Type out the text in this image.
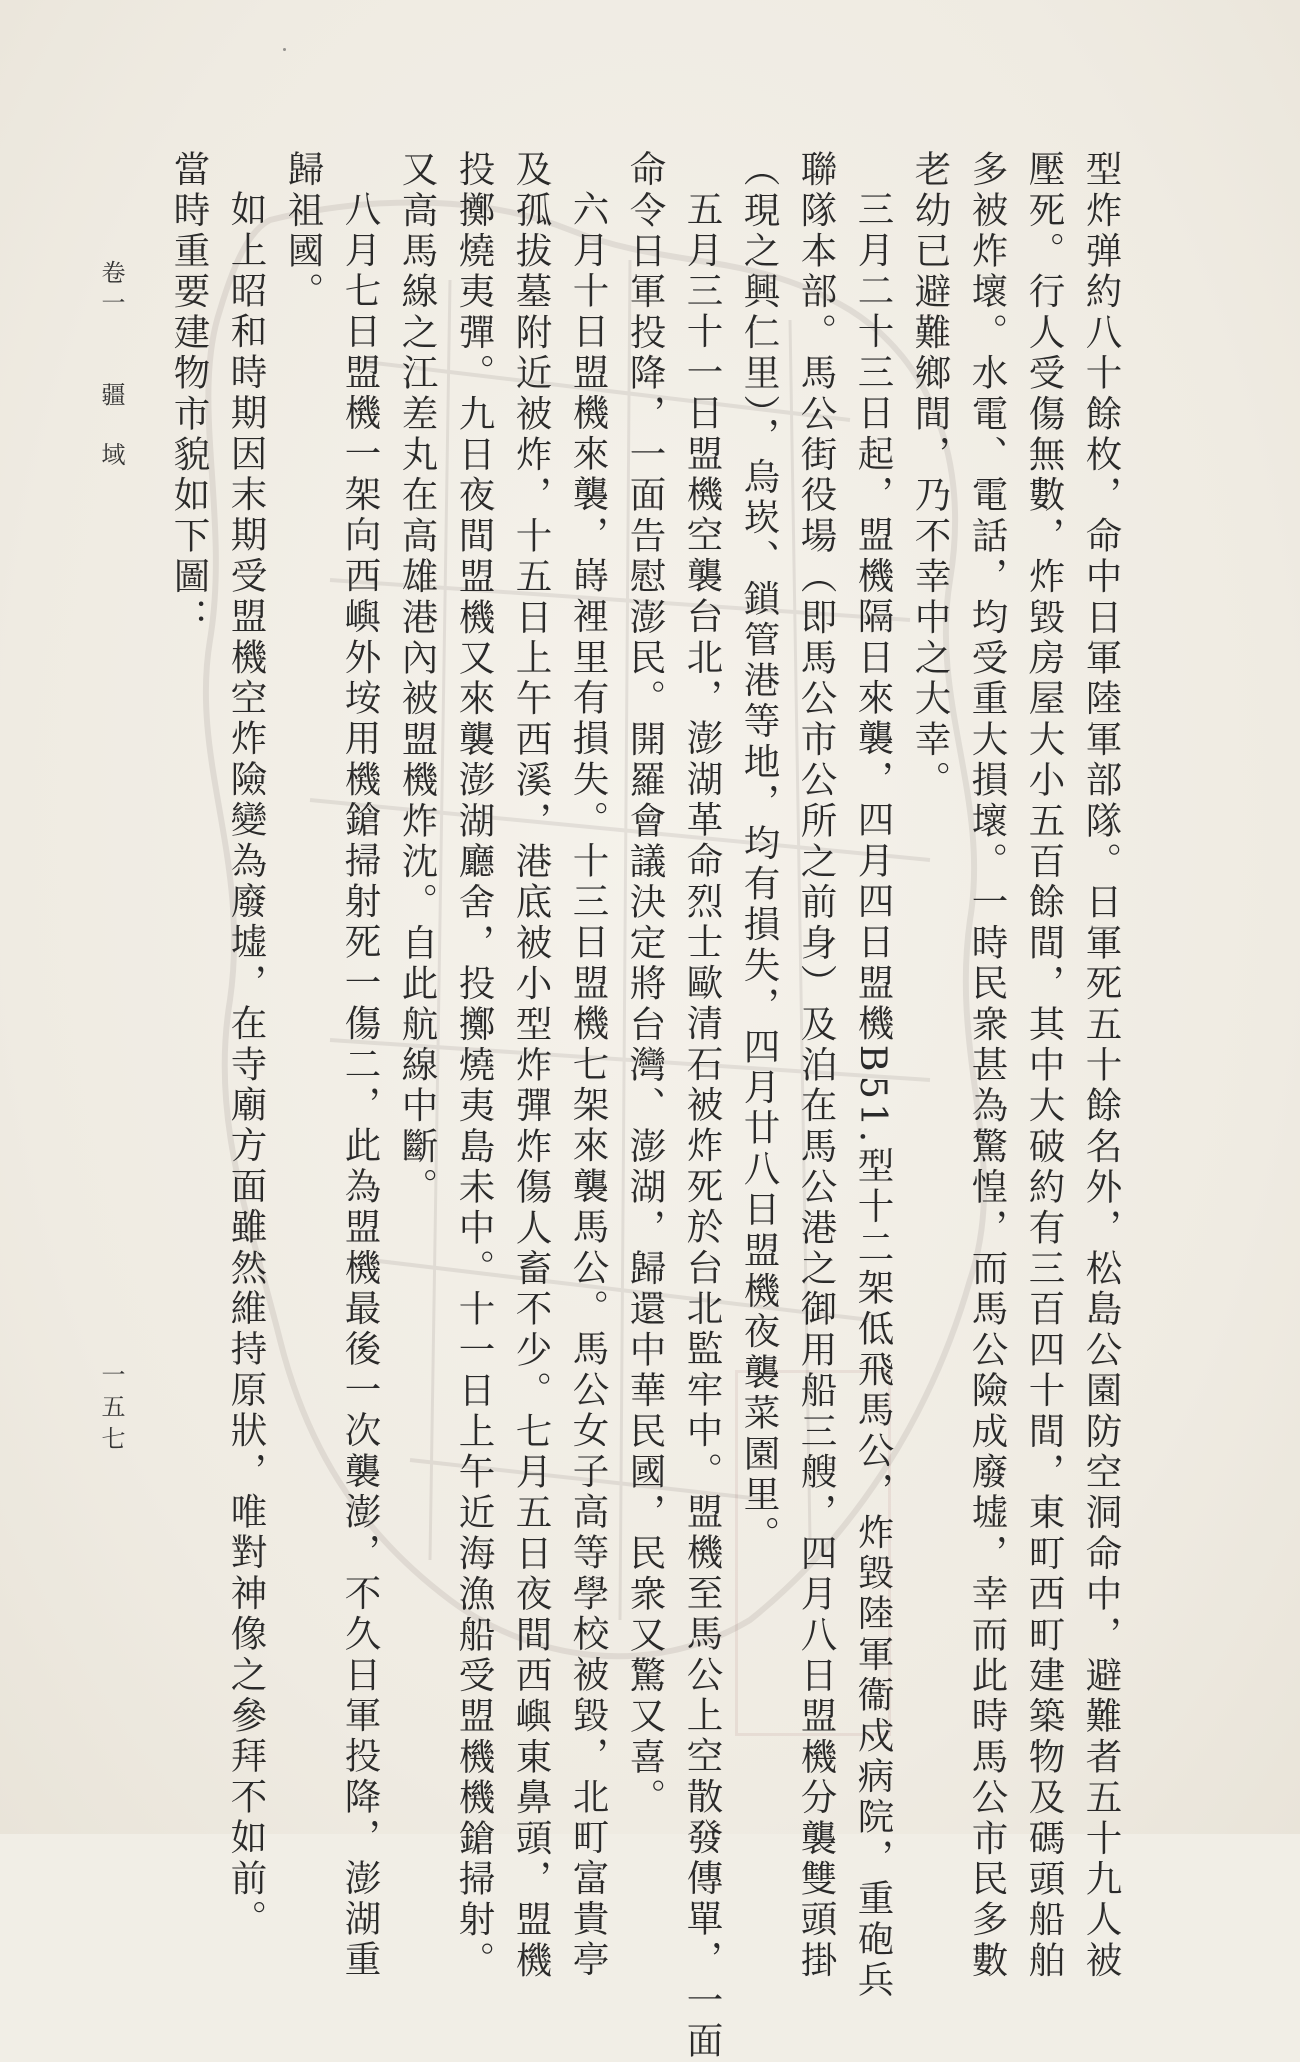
卷一疆　域
一五七	型炸弹約八十餘枚，命中日軍陸軍部隊。日軍死五十餘名外，松島公園防空洞命中，避難者五十九人被
壓死。行人受傷無數，炸毀房屋大小五百餘間，其中大破約有三百四十間，東町西町建築物及碼頭船舶
多被炸壞。水電、電話，均受重大損壞。一時民衆甚為驚惶，而馬公險成廢墟，幸而此時馬公市民多數
老幼已避難鄉間，乃不幸中之大幸。
三月二十三日起，盟機隔日來襲，四月四日盟機B51.型十二架低飛馬公，炸毀陸軍衞戍病院，重砲兵
聯隊本部。馬公街役場（即馬公市公所之前身）及泊在馬公港之御用船三艘，四月八日盟機分襲雙頭掛
（現之興仁里），烏崁、鎖管港等地，均有損失，四月廿八日盟機夜襲菜園里。
五月三十一日盟機空襲台北，澎湖革命烈士歐清石被炸死於台北監牢中。盟機至馬公上空散發傳單，一面
命令日軍投降，一面告慰澎民。開羅會議決定將台灣、澎湖，歸還中華民國，民衆又驚又喜。
六月十日盟機來襲，嵵裡里有損失。十三日盟機七架來襲馬公。馬公女子高等學校被毀，北町富貴亭
及孤拔墓附近被炸，十五日上午西溪，港底被小型炸彈炸傷人畜不少。七月五日夜間西嶼東鼻頭，盟機
投擲燒夷彈。九日夜間盟機又來襲澎湖廳舍，投擲燒夷島未中。十一日上午近海漁船受盟機機鎗掃射。
又高馬線之江差丸在高雄港內被盟機炸沈。自此航線中斷。
八月七日盟機一架向西嶼外垵用機鎗掃射死一傷二，此為盟機最後一次襲澎，不久日軍投降，澎湖重
歸祖國。
如上昭和時期因末期受盟機空炸險變為廢墟，在寺廟方面雖然維持原狀，唯對神像之參拜不如前。
當時重要建物市貌如下圖：
